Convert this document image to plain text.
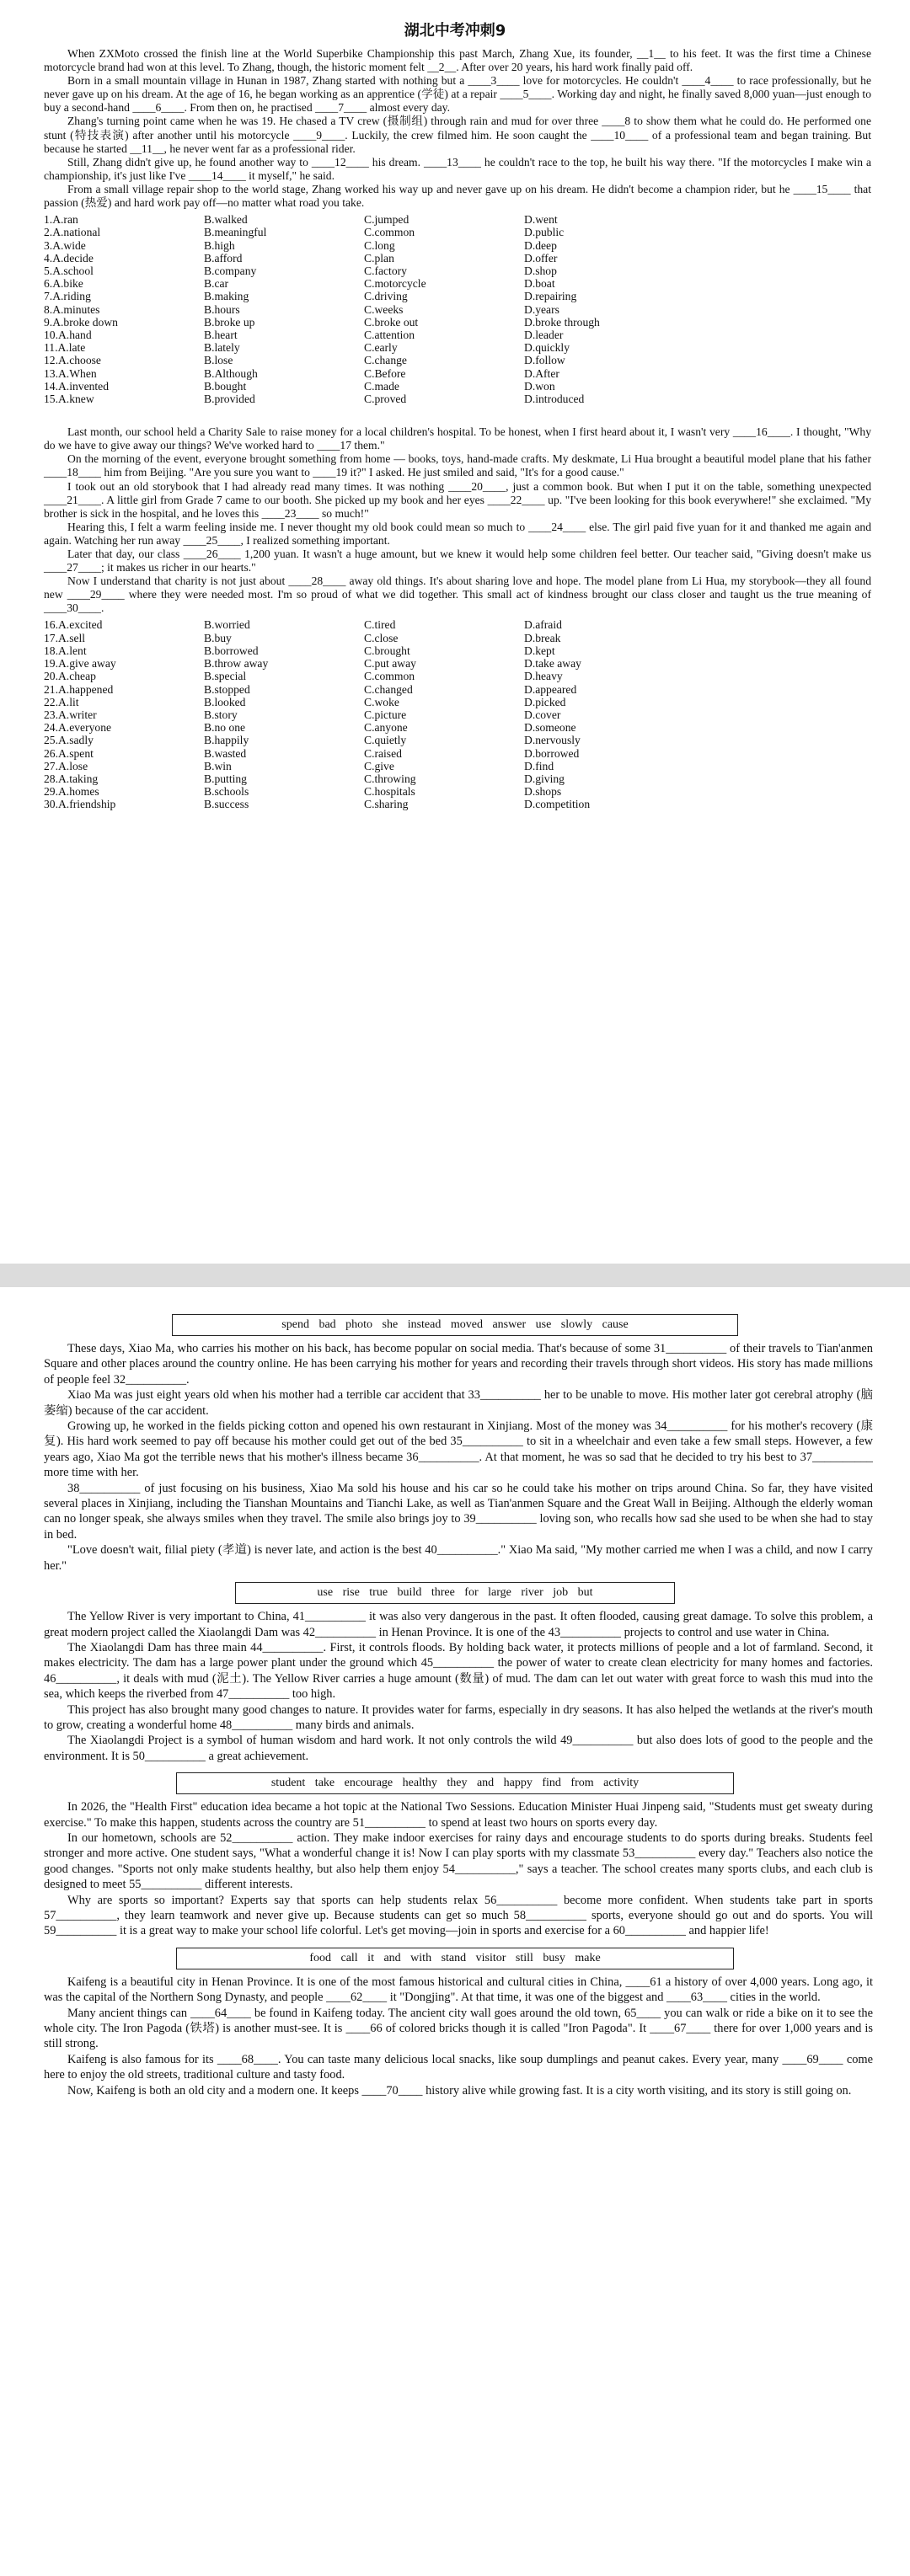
湖北中考冲刺9

When ZXMoto crossed the finish line at the World Superbike Championship this past March, Zhang Xue, its founder, __1__ to his feet. It was the first time a Chinese motorcycle brand had won at this level. To Zhang, though, the historic moment felt __2__. After over 20 years, his hard work finally paid off.

Born in a small mountain village in Hunan in 1987, Zhang started with nothing but a ____3____ love for motorcycles. He couldn't ____4____ to race professionally, but he never gave up on his dream. At the age of 16, he began working as an apprentice (学徒) at a repair ____5____. Working day and night, he finally saved 8,000 yuan—just enough to buy a second-hand ____6____. From then on, he practised ____7____ almost every day.

Zhang's turning point came when he was 19. He chased a TV crew (摄制组) through rain and mud for over three ____8 to show them what he could do. He performed one stunt (特技表演) after another until his motorcycle ____9____. Luckily, the crew filmed him. He soon caught the ____10____ of a professional team and began training. But because he started __11__, he never went far as a professional rider.

Still, Zhang didn't give up, he found another way to ____12____ his dream. ____13____ he couldn't race to the top, he built his way there. "If the motorcycles I make win a championship, it's just like I've ____14____ it myself," he said.

From a small village repair shop to the world stage, Zhang worked his way up and never gave up on his dream. He didn't become a champion rider, but he ____15____ that passion (热爱) and hard work pay off—no matter what road you take.

1.A.ran	B.walked	C.jumped	D.went
2.A.national	B.meaningful	C.common	D.public
3.A.wide	B.high	C.long	D.deep
4.A.decide	B.afford	C.plan	D.offer
5.A.school	B.company	C.factory	D.shop
6.A.bike	B.car	C.motorcycle	D.boat
7.A.riding	B.making	C.driving	D.repairing
8.A.minutes	B.hours	C.weeks	D.years
9.A.broke down	B.broke up	C.broke out	D.broke through
10.A.hand	B.heart	C.attention	D.leader
11.A.late	B.lately	C.early	D.quickly
12.A.choose	B.lose	C.change	D.follow
13.A.When	B.Although	C.Before	D.After
14.A.invented	B.bought	C.made	D.won
15.A.knew	B.provided	C.proved	D.introduced

Last month, our school held a Charity Sale to raise money for a local children's hospital. To be honest, when I first heard about it, I wasn't very ____16____. I thought, "Why do we have to give away our things? We've worked hard to ____17 them."

On the morning of the event, everyone brought something from home — books, toys, hand-made crafts. My deskmate, Li Hua brought a beautiful model plane that his father ____18____ him from Beijing. "Are you sure you want to ____19 it?" I asked. He just smiled and said, "It's for a good cause."

I took out an old storybook that I had already read many times. It was nothing ____20____, just a common book. But when I put it on the table, something unexpected ____21____. A little girl from Grade 7 came to our booth. She picked up my book and her eyes ____22____ up. "I've been looking for this book everywhere!" she exclaimed. "My brother is sick in the hospital, and he loves this ____23____ so much!"

Hearing this, I felt a warm feeling inside me. I never thought my old book could mean so much to ____24____ else. The girl paid five yuan for it and thanked me again and again. Watching her run away ____25____, I realized something important.

Later that day, our class ____26____ 1,200 yuan. It wasn't a huge amount, but we knew it would help some children feel better. Our teacher said, "Giving doesn't make us ____27____; it makes us richer in our hearts."

Now I understand that charity is not just about ____28____ away old things. It's about sharing love and hope. The model plane from Li Hua, my storybook—they all found new ____29____ where they were needed most. I'm so proud of what we did together. This small act of kindness brought our class closer and taught us the true meaning of ____30____.

16.A.excited	B.worried	C.tired	D.afraid
17.A.sell	B.buy	C.close	D.break
18.A.lent	B.borrowed	C.brought	D.kept
19.A.give away	B.throw away	C.put away	D.take away
20.A.cheap	B.special	C.common	D.heavy
21.A.happened	B.stopped	C.changed	D.appeared
22.A.lit	B.looked	C.woke	D.picked
23.A.writer	B.story	C.picture	D.cover
24.A.everyone	B.no one	C.anyone	D.someone
25.A.sadly	B.happily	C.quietly	D.nervously
26.A.spent	B.wasted	C.raised	D.borrowed
27.A.lose	B.win	C.give	D.find
28.A.taking	B.putting	C.throwing	D.giving
29.A.homes	B.schools	C.hospitals	D.shops
30.A.friendship	B.success	C.sharing	D.competition
spend bad photo she instead moved answer use slowly cause

These days, Xiao Ma, who carries his mother on his back, has become popular on social media. That's because of some 31__________ of their travels to Tian'anmen Square and other places around the country online. He has been carrying his mother for years and recording their travels through short videos. His story has made millions of people feel 32__________.

Xiao Ma was just eight years old when his mother had a terrible car accident that 33__________ her to be unable to move. His mother later got cerebral atrophy (脑萎缩) because of the car accident.

Growing up, he worked in the fields picking cotton and opened his own restaurant in Xinjiang. Most of the money was 34__________ for his mother's recovery (康复). His hard work seemed to pay off because his mother could get out of the bed 35__________ to sit in a wheelchair and even take a few small steps. However, a few years ago, Xiao Ma got the terrible news that his mother's illness became 36__________. At that moment, he was so sad that he decided to try his best to 37__________ more time with her.

38__________ of just focusing on his business, Xiao Ma sold his house and his car so he could take his mother on trips around China. So far, they have visited several places in Xinjiang, including the Tianshan Mountains and Tianchi Lake, as well as Tian'anmen Square and the Great Wall in Beijing. Although the elderly woman can no longer speak, she always smiles when they travel. The smile also brings joy to 39__________ loving son, who recalls how sad she used to be when she had to stay in bed.

"Love doesn't wait, filial piety (孝道) is never late, and action is the best 40__________." Xiao Ma said, "My mother carried me when I was a child, and now I carry her."

use rise true build three for large river job but

The Yellow River is very important to China, 41__________ it was also very dangerous in the past. It often flooded, causing great damage. To solve this problem, a great modern project called the Xiaolangdi Dam was 42__________ in Henan Province. It is one of the 43__________ projects to control and use water in China.

The Xiaolangdi Dam has three main 44__________. First, it controls floods. By holding back water, it protects millions of people and a lot of farmland. Second, it makes electricity. The dam has a large power plant under the ground which 45__________ the power of water to create clean electricity for many homes and factories. 46__________, it deals with mud (泥土). The Yellow River carries a huge amount (数量) of mud. The dam can let out water with great force to wash this mud into the sea, which keeps the riverbed from 47__________ too high.

This project has also brought many good changes to nature. It provides water for farms, especially in dry seasons. It has also helped the wetlands at the river's mouth to grow, creating a wonderful home 48__________ many birds and animals.

The Xiaolangdi Project is a symbol of human wisdom and hard work. It not only controls the wild 49__________ but also does lots of good to the people and the environment. It is 50__________ a great achievement.

student take encourage healthy they and happy find from activity

In 2026, the "Health First" education idea became a hot topic at the National Two Sessions. Education Minister Huai Jinpeng said, "Students must get sweaty during exercise." To make this happen, students across the country are 51__________ to spend at least two hours on sports every day.

In our hometown, schools are 52__________ action. They make indoor exercises for rainy days and encourage students to do sports during breaks. Students feel stronger and more active. One student says, "What a wonderful change it is! Now I can play sports with my classmate 53__________ every day." Teachers also notice the good changes. "Sports not only make students healthy, but also help them enjoy 54__________," says a teacher. The school creates many sports clubs, and each club is designed to meet 55__________ different interests.

Why are sports so important? Experts say that sports can help students relax 56__________ become more confident. When students take part in sports 57__________, they learn teamwork and never give up. Because students can get so much 58__________ sports, everyone should go out and do sports. You will 59__________ it is a great way to make your school life colorful. Let's get moving—join in sports and exercise for a 60__________ and happier life!

food call it and with stand visitor still busy make

Kaifeng is a beautiful city in Henan Province. It is one of the most famous historical and cultural cities in China, ____61 a history of over 4,000 years. Long ago, it was the capital of the Northern Song Dynasty, and people ____62____ it "Dongjing". At that time, it was one of the biggest and ____63____ cities in the world.

Many ancient things can ____64____ be found in Kaifeng today. The ancient city wall goes around the old town, 65____ you can walk or ride a bike on it to see the whole city. The Iron Pagoda (铁塔) is another must-see. It is ____66 of colored bricks though it is called "Iron Pagoda". It ____67____ there for over 1,000 years and is still strong.

Kaifeng is also famous for its ____68____. You can taste many delicious local snacks, like soup dumplings and peanut cakes. Every year, many ____69____ come here to enjoy the old streets, traditional culture and tasty food.

Now, Kaifeng is both an old city and a modern one. It keeps ____70____ history alive while growing fast. It is a city worth visiting, and its story is still going on.
